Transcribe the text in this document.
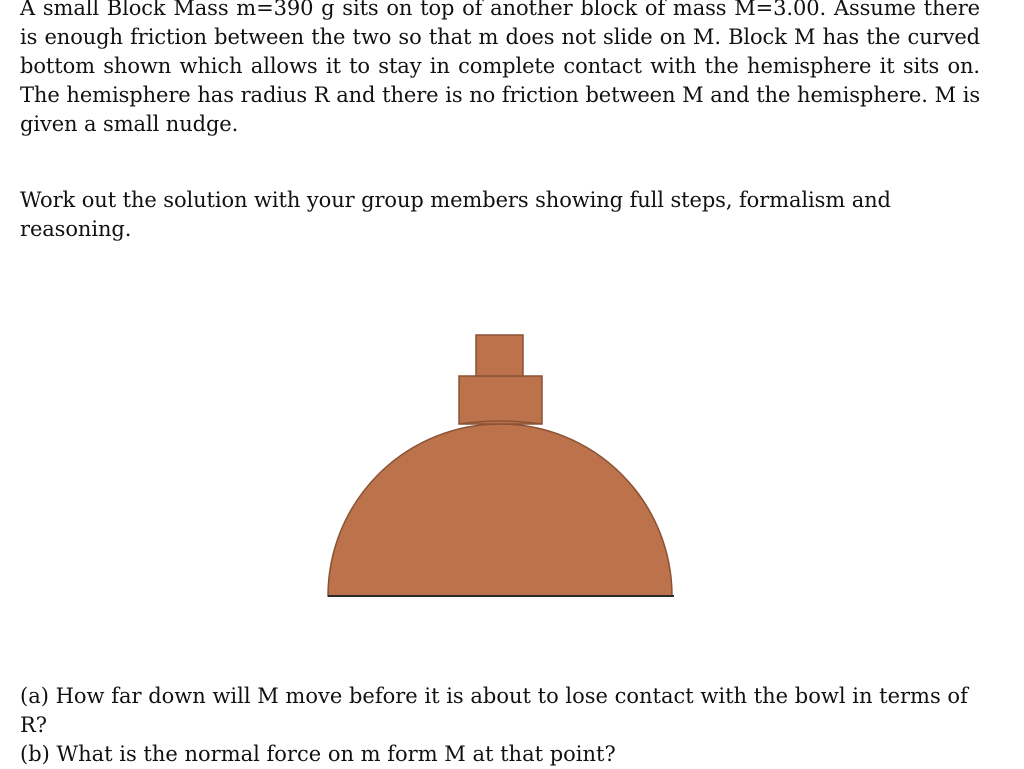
A small Block Mass m=390 g sits on top of another block of mass M=3.00. Assume there is enough friction between the two so that m does not slide on M. Block M has the curved bottom shown which allows it to stay in complete contact with the hemisphere it sits on. The hemisphere has radius R and there is no friction between M and the hemisphere. M is given a small nudge.

Work out the solution with your group members showing full steps, formalism and reasoning.

(a) How far down will M move before it is about to lose contact with the bowl in terms of R?
(b) What is the normal force on m form M at that point?
